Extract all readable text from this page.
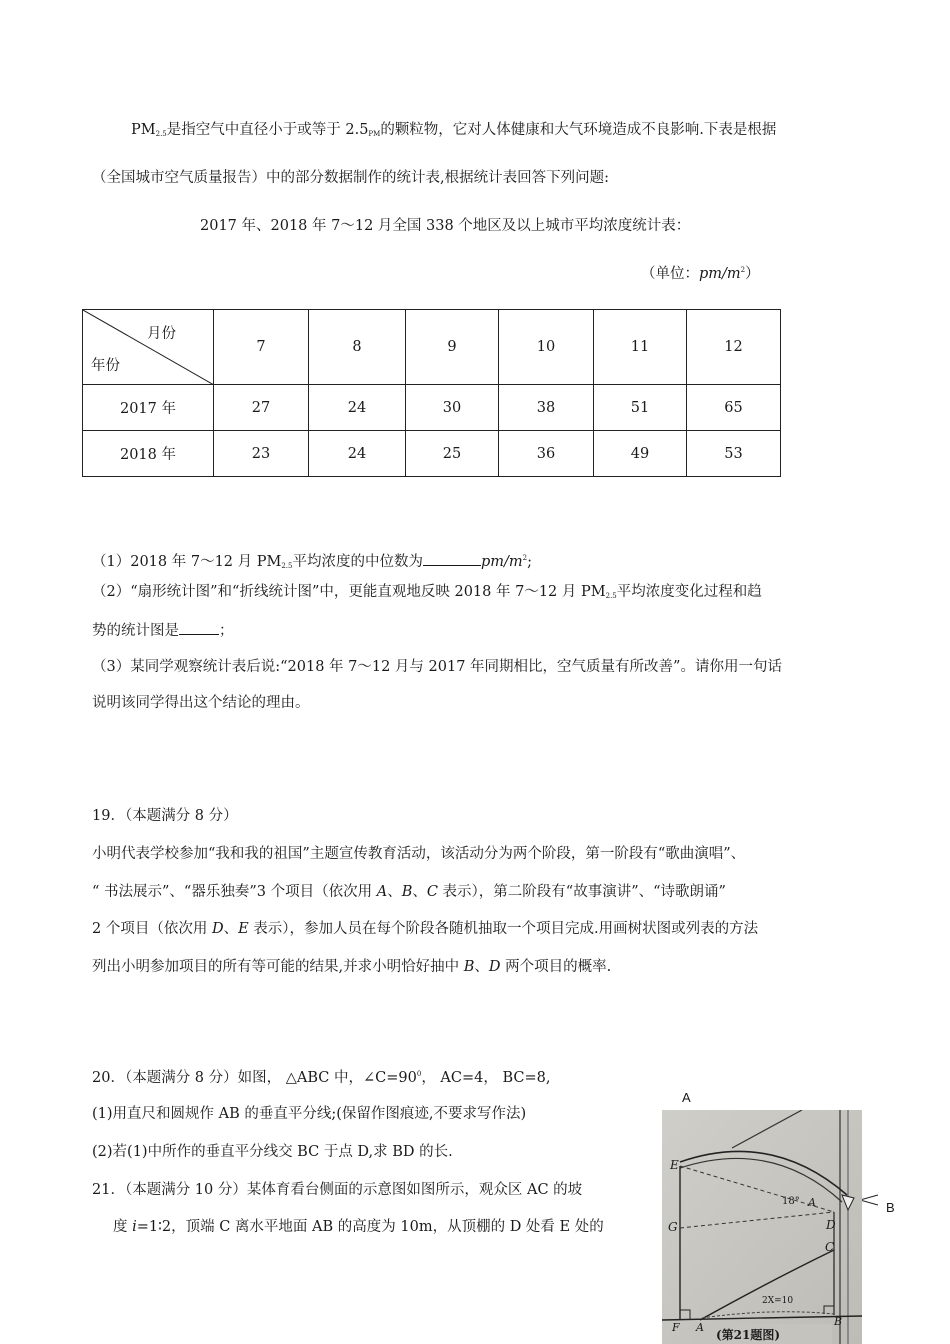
$PM_{2.5}$是指空气中直径小于或等于 $2.5_{PM}$的颗粒物，它对人体健康和大气环境造成不良影响.下表是根据
（全国城市空气质量报告）中的部分数据制作的统计表,根据统计表回答下列问题:
2017 年、2018 年 7～12 月全国 338 个地区及以上城市平均浓度统计表：
（单位：$pm/m^2$）
月份
年份	7	8	9	10	11	12
2017 年	27	24	30	38	51	65
2018 年	23	24	25	36	49	53
（1）2018 年 7～12 月 $PM_{2.5}$平均浓度的中位数为	$pm/m^2$;
（2）“扇形统计图”和“折线统计图”中，更能直观地反映 2018 年 7～12 月 $PM_{2.5}$平均浓度变化过程和趋
势的统计图是	；
（3）某同学观察统计表后说:“2018 年 7～12 月与 2017 年同期相比，空气质量有所改善”。请你用一句话
说明该同学得出这个结论的理由。
19．（本题满分 8 分）
小明代表学校参加“我和我的祖国”主题宣传教育活动，该活动分为两个阶段，第一阶段有“歌曲演唱”、
“ 书法展示”、“器乐独奏”3 个项目（依次用 A、B、C 表示），第二阶段有“故事演讲”、“诗歌朗诵”
2 个项目（依次用 D、E 表示），参加人员在每个阶段各随机抽取一个项目完成.用画树状图或列表的方法
列出小明参加项目的所有等可能的结果,并求小明恰好抽中 B、D 两个项目的概率.
20．（本题满分 8 分）如图， △ABC 中，$\angle C=90^0$， AC=4， BC=8,
(1)用直尺和圆规作 AB 的垂直平分线;(保留作图痕迹,不要求写作法)
(2)若(1)中所作的垂直平分线交 BC 于点 D,求 BD 的长.
21．（本题满分 10 分）某体育看台侧面的示意图如图所示，观众区 AC 的坡
度 i=1∶2，顶端 C 离水平地面 AB 的高度为 10m，从顶棚的 D 处看 E 处的
A
B
E
G	D
A
18°
C
2X=10
F A	B
(第21题图)
